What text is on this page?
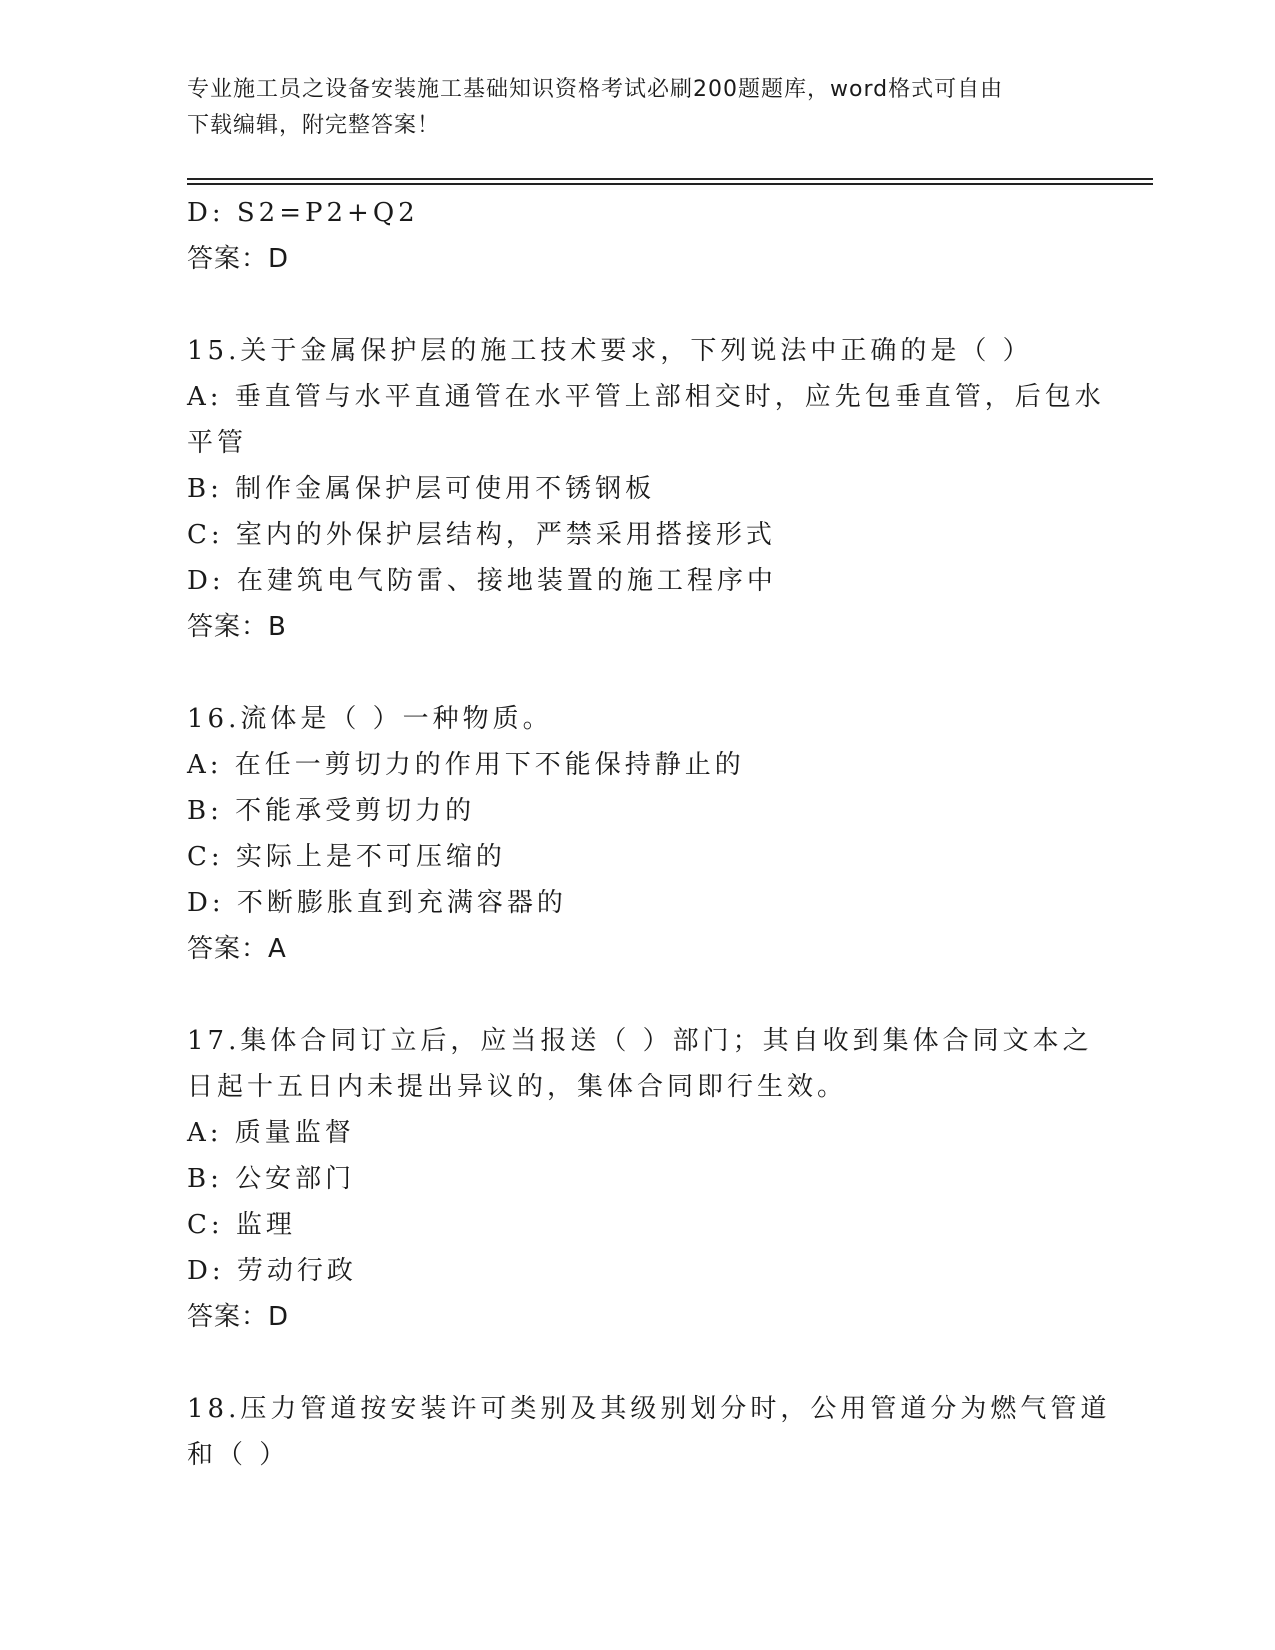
专业施工员之设备安装施工基础知识资格考试必刷200题题库，word格式可自由
下载编辑，附完整答案！
D: S2=P2+Q2
答案：D
15.关于金属保护层的施工技术要求，下列说法中正确的是（ ）
A: 垂直管与水平直通管在水平管上部相交时，应先包垂直管，后包水
平管
B: 制作金属保护层可使用不锈钢板
C: 室内的外保护层结构，严禁采用搭接形式
D: 在建筑电气防雷、接地装置的施工程序中
答案：B
16.流体是（ ）一种物质。
A: 在任一剪切力的作用下不能保持静止的
B: 不能承受剪切力的
C: 实际上是不可压缩的
D: 不断膨胀直到充满容器的
答案：A
17.集体合同订立后，应当报送（ ）部门；其自收到集体合同文本之
日起十五日内未提出异议的，集体合同即行生效。
A: 质量监督
B: 公安部门
C: 监理
D: 劳动行政
答案：D
18.压力管道按安装许可类别及其级别划分时，公用管道分为燃气管道
和（ ）
